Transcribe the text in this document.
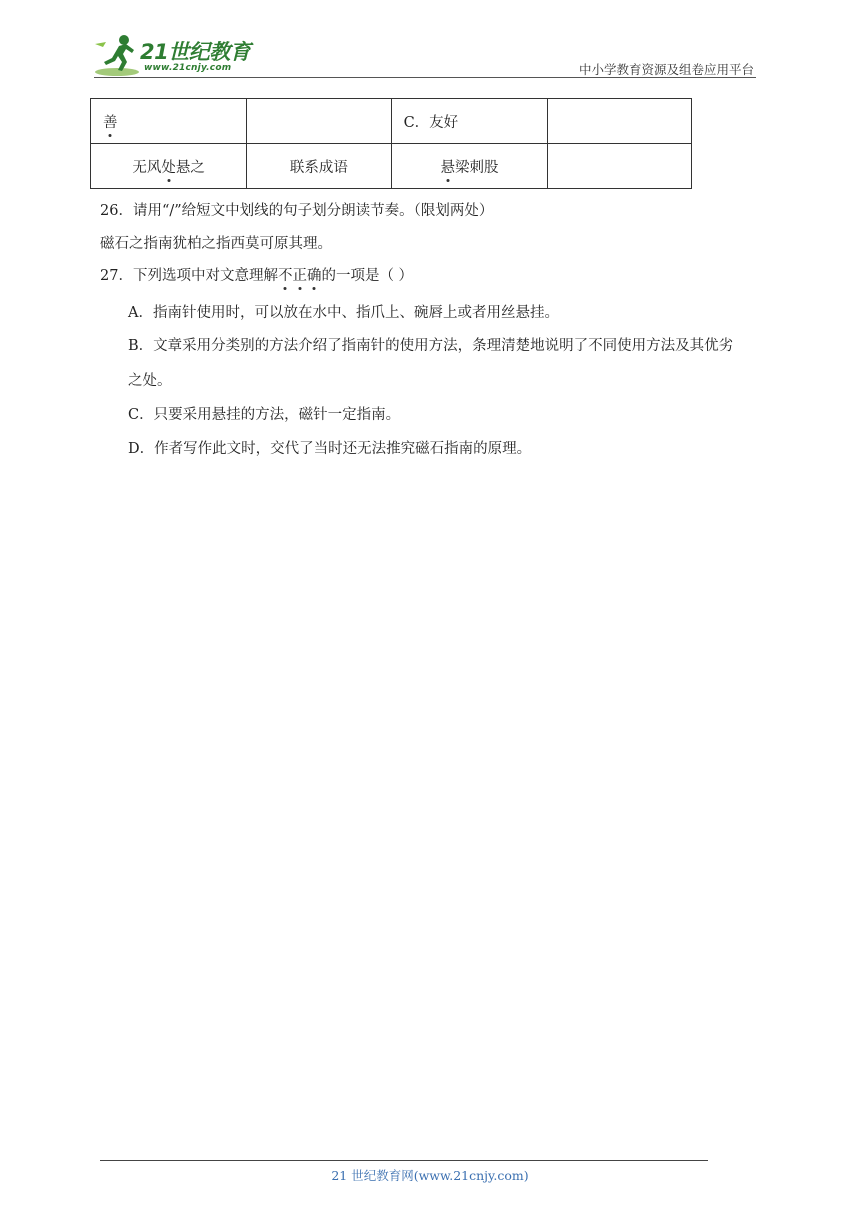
21世纪教育
www.21cnjy.com	中小学教育资源及组卷应用平台
善		C．友好	
无风处悬之	联系成语	悬梁刺股	
26．请用“/”给短文中划线的句子划分朗读节奏。（限划两处）
磁石之指南犹柏之指西莫可原其理。
27．下列选项中对文意理解不正确的一项是（ ）
A．指南针使用时，可以放在水中、指爪上、碗唇上或者用丝悬挂。
B．文章采用分类别的方法介绍了指南针的使用方法，条理清楚地说明了不同使用方法及其优劣
之处。
C．只要采用悬挂的方法，磁针一定指南。
D．作者写作此文时，交代了当时还无法推究磁石指南的原理。
21 世纪教育网(www.21cnjy.com)
